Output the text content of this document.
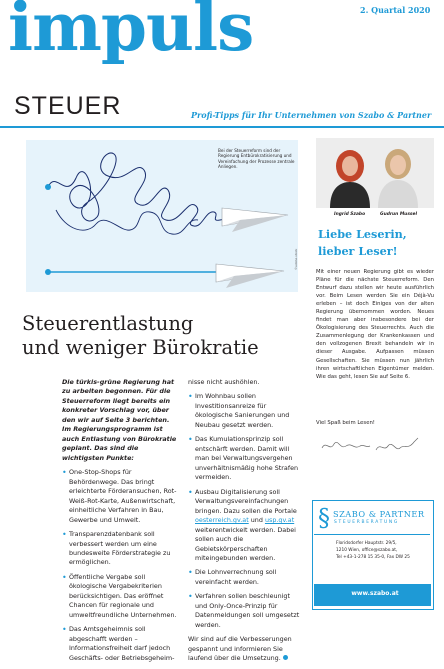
2. Quartal 2020
impuls
STEUER	Profi-Tipps für Ihr Unternehmen von Szabo & Partner
Bei der Steuerreform sind der Regierung Entbürokratisierung und Vereinfachung der Prozesse zentrale Anliegen.
©adobe.stock
Steuerentlastung
und weniger Bürokratie

Die türkis-grüne Regierung hat zu arbeiten begonnen. Für die Steuerreform liegt bereits ein konkreter Vorschlag vor, über den wir auf Seite 3 berichten. Im Regierungsprogramm ist auch Entlastung von Bürokratie geplant. Das sind die wichtigsten Punkte:

• One-Stop-Shops für Behördenwege. Das bringt erleichterte Förderansuchen, Rot-Weiß-Rot-Karte, Außenwirtschaft, einheitliche Verfahren in Bau, Gewerbe und Umwelt.
• Transparenzdatenbank soll verbessert werden um eine bundesweite Förderstrategie zu ermöglichen.
• Öffentliche Vergabe soll ökologische Vergabekriterien berücksichtigen. Das eröffnet Chancen für regionale und umweltfreundliche Unternehmen.
• Das Amtsgeheimnis soll abgeschafft werden – Informationsfreiheit darf jedoch Geschäfts- oder Betriebsgeheim-

nisse nicht aushöhlen.

• Im Wohnbau sollen Investitionsanreize für ökologische Sanierungen und Neubau gesetzt werden.
• Das Kumulationsprinzip soll entschärft werden. Damit will man bei Verwaltungsvergehen unverhältnismäßig hohe Strafen vermeiden.
• Ausbau Digitalisierung soll Verwaltungsvereinfachungen bringen. Dazu sollen die Portale oesterreich.gv.at und usp.gv.at weiterentwickelt werden. Dabei sollen auch die Gebietskörperschaften miteingebunden werden.
• Die Lohnverrechnung soll vereinfacht werden.
• Verfahren sollen beschleunigt und Only-Once-Prinzip für Datenmeldungen soll umgesetzt werden.

Wir sind auf die Verbesserungen gespannt und informieren Sie laufend über die Umsetzung.

Ingrid Szabo	Gudrun Mussel
Liebe Leserin,
lieber Leser!
Mit einer neuen Regierung gibt es wieder Pläne für die nächste Steuerreform. Den Entwurf dazu stellen wir heute ausführlich vor. Beim Lesen werden Sie ein Déjà-Vu erleben – ist doch Einiges von der alten Regierung übernommen worden. Neues findet man aber insbesondere bei der Ökologisierung des Steuerrechts. Auch die Zusammenlegung der Krankenkassen und den vollzogenen Brexit behandeln wir in dieser Ausgabe. Aufpassen müssen Gesellschaften. Sie müssen nun jährlich ihren wirtschaftlichen Eigentümer melden. Wie das geht, lesen Sie auf Seite 6.
Viel Spaß beim Lesen!
§ SZABO & PARTNER
STEUERBERATUNG
Floridsdorfer Hauptstr. 29/5,
1210 Wien, office@szabo.at,
Tel +43-1-278 15 35-0, Fax DW 25
www.szabo.at
